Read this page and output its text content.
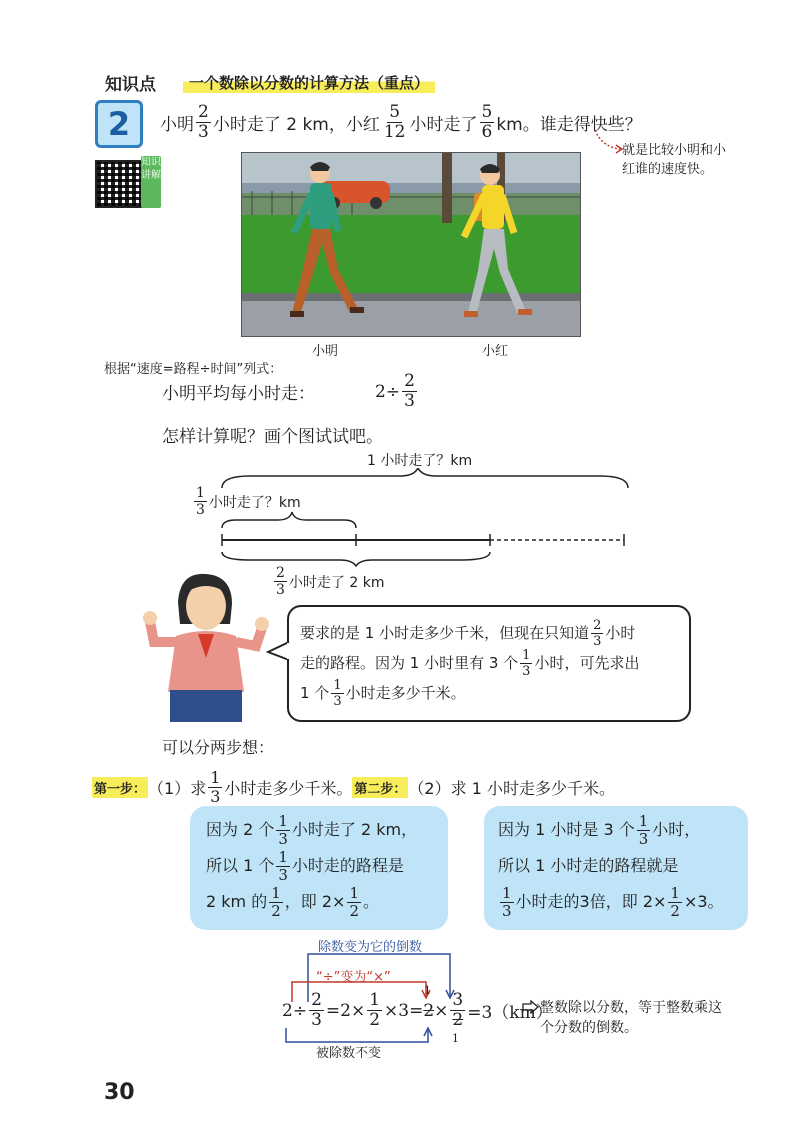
知识点	一个数除以分数的计算方法（重点）
2	小明 $\frac{2}{3}$ 小时走了 2 km，小红 $\frac{5}{12}$ 小时走了 $\frac{5}{6}$ km。谁走得快些？
就是比较小明和小红谁的速度快。
知识讲解
小明	小红
根据“速度=路程÷时间”列式：
小明平均每小时走：	$2\div \frac{2}{3}$
怎样计算呢？画个图试试吧。
1 小时走了？km
$\frac{1}{3}$ 小时走了？km
$\frac{2}{3}$ 小时走了 2 km
要求的是 1 小时走多少千米，但现在只知道 $\frac{2}{3}$ 小时
走的路程。因为 1 小时里有 3 个 $\frac{1}{3}$ 小时，可先求出
1 个 $\frac{1}{3}$ 小时走多少千米。
可以分两步想：
第一步： （1）求 $\frac{1}{3}$ 小时走多少千米。 第二步： （2）求 1 小时走多少千米。
因为 2 个 $\frac{1}{3}$ 小时走了 2 km，
所以 1 个 $\frac{1}{3}$ 小时走的路程是
2 km 的 $\frac{1}{2}$ ，即 $2\times \frac{1}{2}$ 。
因为 1 小时是 3 个 $\frac{1}{3}$ 小时，
所以 1 小时走的路程就是
$\frac{1}{3}$ 小时走的3倍，即 $2\times \frac{1}{2} \times 3$。
除数变为它的倒数
“÷”变为“×”
$2\div \frac{2}{3} =2\times \frac{1}{2} \times 3= 2 \times \frac{3}{2} =3(km)$
1
1
被除数不变
整数除以分数，等于整数乘这个分数的倒数。
30
